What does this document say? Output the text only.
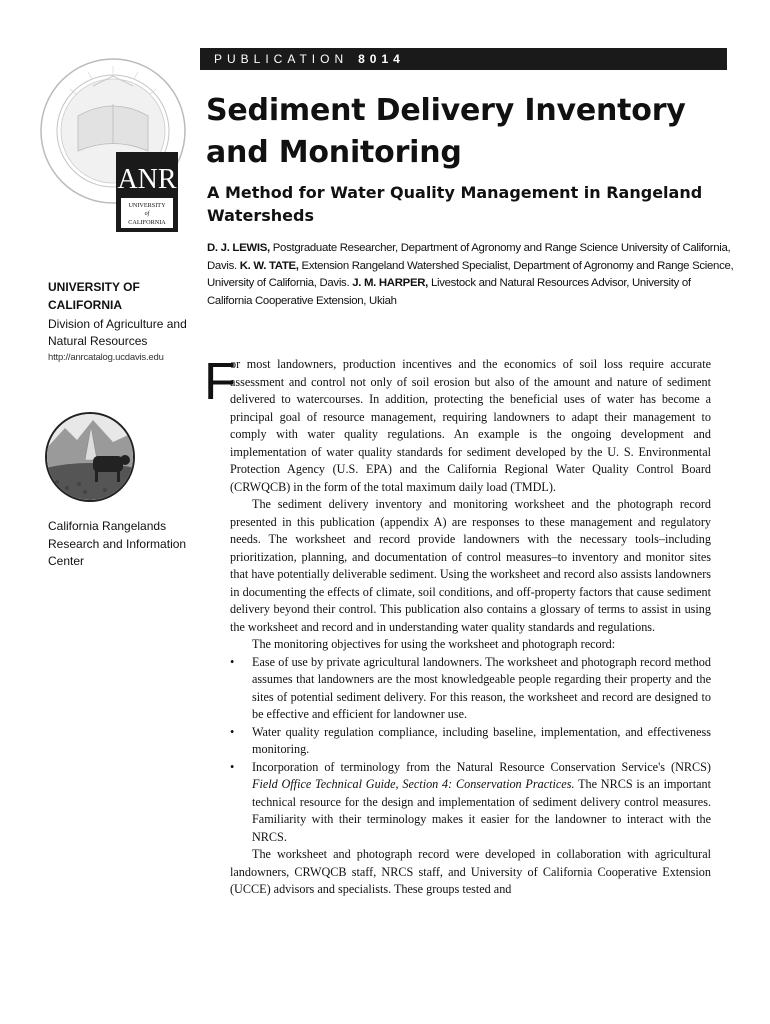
PUBLICATION 8014
ANR
UNIVERSITY
of
CALIFORNIA
Sediment Delivery Inventory and Monitoring
A Method for Water Quality Management in Rangeland Watersheds
D. J. LEWIS, Postgraduate Researcher, Department of Agronomy and Range Science University of California, Davis. K. W. TATE, Extension Rangeland Watershed Specialist, Department of Agronomy and Range Science, University of California, Davis. J. M. HARPER, Livestock and Natural Resources Advisor, University of California Cooperative Extension, Ukiah
UNIVERSITY OF CALIFORNIA
Division of Agriculture and Natural Resources
http://anrcatalog.ucdavis.edu
California Rangelands Research and Information Center

F
or most landowners, production incentives and the economics of soil loss require accurate assessment and control not only of soil erosion but also of the amount and nature of sediment delivered to watercourses. In addition, protecting the beneficial uses of water has become a principal goal of resource management, requiring landowners to adapt their management to comply with water quality regulations. An example is the ongoing development and implementation of water quality standards for sediment developed by the U. S. Environmental Protection Agency (U.S. EPA) and the California Regional Water Quality Control Board (CRWQCB) in the form of the total maximum daily load (TMDL).

The sediment delivery inventory and monitoring worksheet and the photograph record presented in this publication (appendix A) are responses to these management and regulatory needs. The worksheet and record provide landowners with the necessary tools–including prioritization, planning, and documentation of control measures–to inventory and monitor sites that have potentially deliverable sediment. Using the worksheet and record also assists landowners in documenting the effects of climate, soil conditions, and off-property factors that cause sediment delivery beyond their control. This publication also contains a glossary of terms to assist in using the worksheet and record and in understanding water quality standards and regulations.

The monitoring objectives for using the worksheet and photograph record:

• Ease of use by private agricultural landowners. The worksheet and photograph record method assumes that landowners are the most knowledgeable people regarding their property and the sites of potential sediment delivery. For this reason, the worksheet and record are designed to be effective and efficient for landowner use.
• Water quality regulation compliance, including baseline, implementation, and effectiveness monitoring.
• Incorporation of terminology from the Natural Resource Conservation Service's (NRCS) Field Office Technical Guide, Section 4: Conservation Practices. The NRCS is an important technical resource for the design and implementation of sediment delivery control measures. Familiarity with their terminology makes it easier for the landowner to interact with the NRCS.

The worksheet and photograph record were developed in collaboration with agricultural landowners, CRWQCB staff, NRCS staff, and University of California Cooperative Extension (UCCE) advisors and specialists. These groups tested and
